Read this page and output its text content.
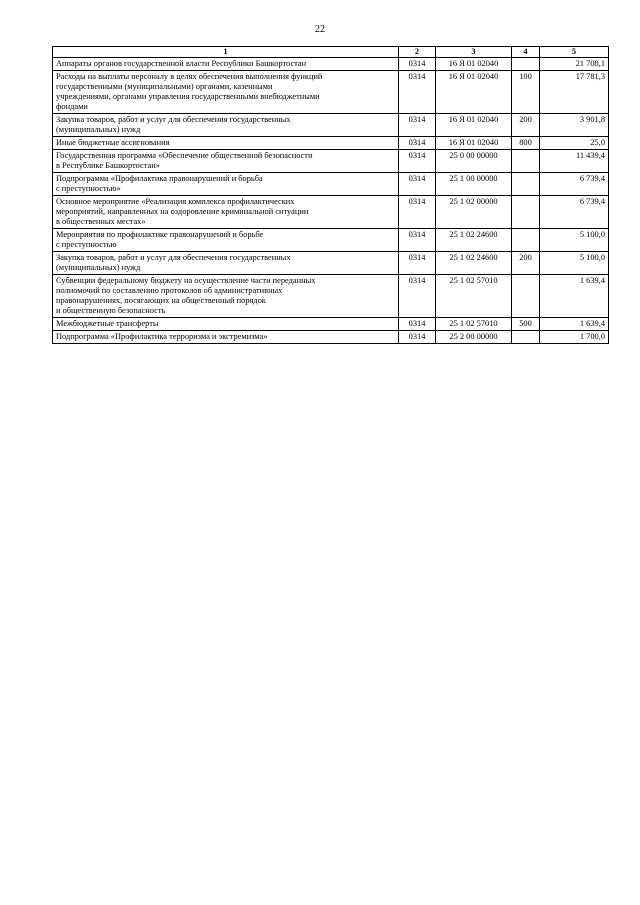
22
1	2	3	4	5
Аппараты органов государственной власти Республики Башкортостан	0314	16 Я 01 02040		21 708,1
Расходы на выплаты персоналу в целях обеспечения выполнения функций
государственными (муниципальными) органами, казенными
учреждениями, органами управления государственными внебюджетными
фондами	0314	16 Я 01 02040	100	17 781,3
Закупка товаров, работ и услуг для обеспечения государственных
(муниципальных) нужд	0314	16 Я 01 02040	200	3 901,8
Иные бюджетные ассигнования	0314	16 Я 01 02040	800	25,0
Государственная программа «Обеспечение общественной безопасности
в Республике Башкортостан»	0314	25 0 00 00000		11 439,4
Подпрограмма «Профилактика правонарушений и борьба
с преступностью»	0314	25 1 00 00000		6 739,4
Основное мероприятие «Реализация комплекса профилактических
мероприятий, направленных на оздоровление криминальной ситуации
в общественных местах»	0314	25 1 02 00000		6 739,4
Мероприятия по профилактике правонарушений и борьбе
с преступностью	0314	25 1 02 24600		5 100,0
Закупка товаров, работ и услуг для обеспечения государственных
(муниципальных) нужд	0314	25 1 02 24600	200	5 100,0
Субвенции федеральному бюджету на осуществление части переданных
полномочий по составлению протоколов об административных
правонарушениях, посягающих на общественный порядок
и общественную безопасность	0314	25 1 02 57010		1 639,4
Межбюджетные трансферты	0314	25 1 02 57010	500	1 639,4
Подпрограмма «Профилактика терроризма и экстремизма»	0314	25 2 00 00000		1 700,0
